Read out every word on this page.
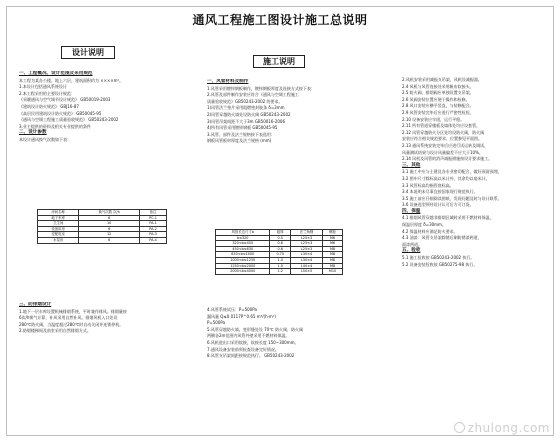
通风工程施工图设计施工总说明
设计说明
一、工程概况、设计范围及采用规范
本工程为某办公楼，地上六层，建筑面积约为 ××××m²。
1.本设计包括通风系统设计
2.本工程采用的主要设计规范：
《采暖通风与空气调节设计规范》 GB50019-2003
《建筑设计防火规范》 GBJ16-87
《高层民用建筑设计防火规范》 GB50045-95
《通风与空调工程施工质量验收规范》 GB50243-2002
3.业主提供的资料及相关专业提供的条件
二、设计参数
本设计通风换气次数如下表：
房间名称	换气次数 次/h	备注
地下车库	6	PC-1
卫生间	10	PA-1
设备用房	6	PA-2
变配电室	12	PA-3
水泵房	6	PA-4
三、防排烟设计
1.地下一层车库设置机械排烟系统，平时兼作排风。排烟量按
6次/h换气计算，补风采用自然补风。排烟风机入口处设
280℃防火阀，当温度超过280℃时自动关闭并连锁停机。
2.防烟楼梯间及前室采用自然排烟方式。
施工说明
一、风管材料及制作
1.风管采用镀锌钢板制作，镀锌钢板厚度及连接方式按下表：
2.风管及部件制作安装应符合《通风与空调工程施工
质量验收规范》GB50243-2002 的要求。
1)风管法兰垫片采用阻燃密封胶条 δ=3mm
2)风管穿越防火墙处设防火阀 GB50243-2002
3)风管吊架间距不大于3m GB50016-2006
4)所有风管采用镀锌钢板 GB50045-95
3.风管、部件及法兰规格按下表选用：
钢板风管板材厚度及法兰规格 (mm)
风管长边尺寸b	板厚	法兰角钢	螺栓
b≤320	0.5	L25×3	M6
320<b≤450	0.6	L25×3	M6
450<b≤630	0.6	L25×3	M8
630<b≤1000	0.75	L30×4	M8
1000<b≤1250	1.0	L30×4	M8
1250<b≤2000	1.0	L40×4	M8
2000<b≤4000	1.2	L50×5	M10
4.风管系统试压：P=500Pa
漏风量 Q≤0.0117P^0.65 m³/(h·m²)
P=500Pa
5.风管穿越防火墙、变形缝处设 70℃ 防火阀，防火阀
两侧各2m范围内风管外壁采用不燃材料保温。
6.风机进出口采用软接，软接长度 150~300mm。
7.通风设备安装前须检查设备完好情况。
8.风管支吊架间距按规范执行。 GB50243-2002
2.风机安装采用减振支吊架，风机设减振器。
2.4 风机与风管连接处采用帆布软接头。
2.5 防火阀、排烟阀应单独设置支吊架。
2.6 风阀安装位置应便于操作和检修。
2.8 风口安装应横平竖直，与装修配合。
2.9 风管安装完毕后应进行严密性检验。
2.10 设备安装应牢固，运行平稳。
2.11 所有管道穿楼板及墙体处均应设套管。
2.12 风管穿越防火分区处均设防火阀，防火阀
安装应符合相关规范要求，位置参见平面图。
2.13 通风系统安装完毕后应进行试运转及调试，
风量测试结果与设计风量偏差不应大于10%。
2.14 风机及风管的消声减振措施按设计要求施工。
三、其他
3.1 施工中应与土建及各专业密切配合，做好预留预埋。
3.2 图中尺寸除标高以米计外，其余均以毫米计。
3.3 风管标高均指管底标高。
3.4 本说明未尽事宜按国家现行规范执行。
3.5 施工前应仔细阅读图纸，发现问题及时与设计联系。
3.6 设备选型须经设计认可后方可订货。
四、保温
4.1 排烟风管穿越非排烟区域时采用不燃材料保温，
保温层厚度 δ=30mm。
4.2 保温材料应满足防火要求。
4.3 油漆：风管支吊架除锈后刷防锈漆两道，
面漆两道。
五、验收
5.1 施工验收按 GB50243-2002 执行。
5.2 设备安装验收按 GB50275-98 执行。
zhulong.com
